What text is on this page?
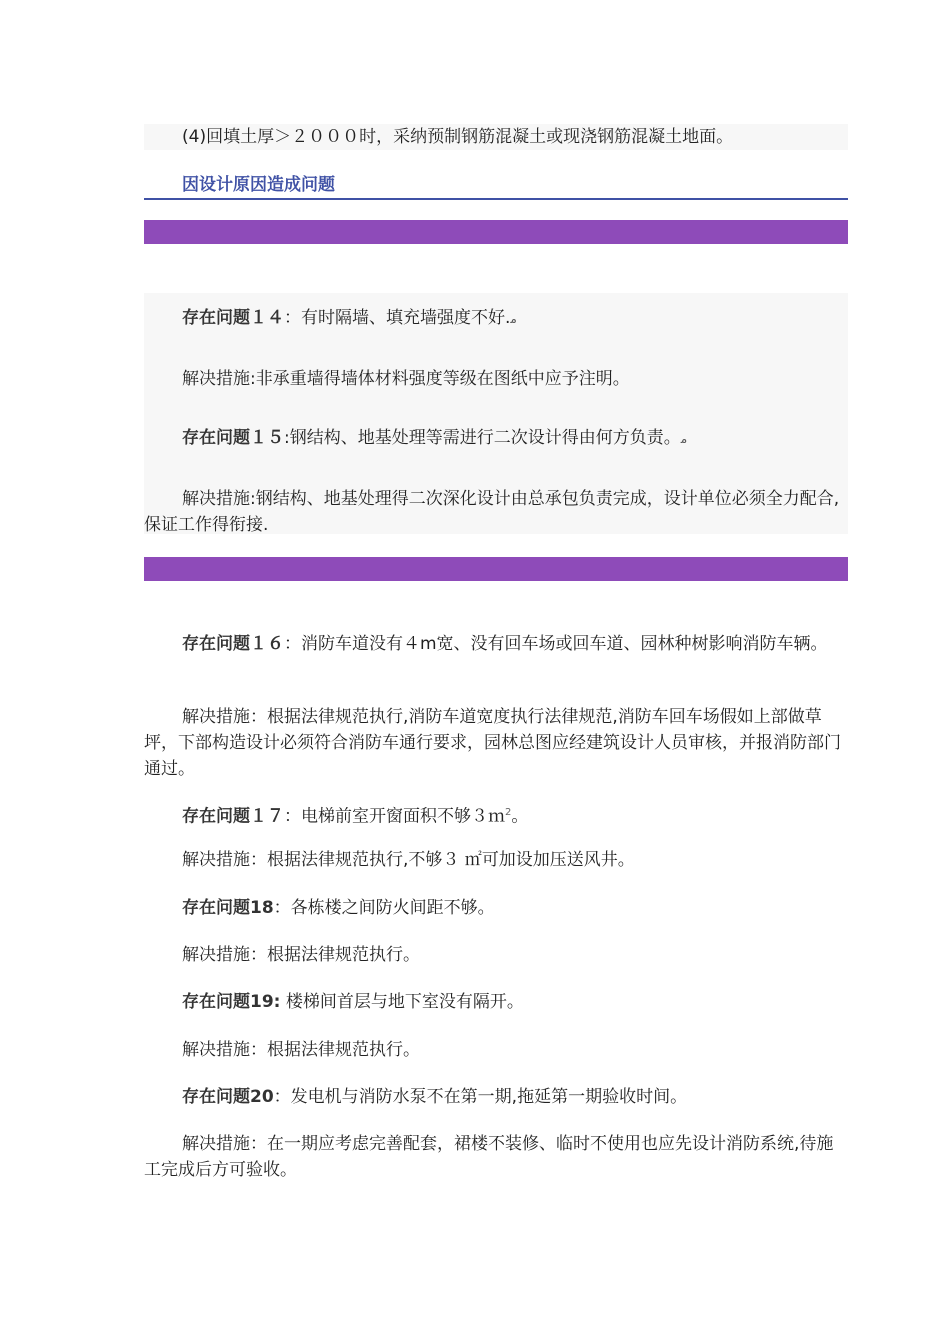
(4)回填土厚＞２０００时，采纳预制钢筋混凝土或现浇钢筋混凝土地面。
因设计原因造成问题
存在问题１４：有时隔墙、填充墙强度不好.ﻣ
解决措施:非承重墙得墙体材料强度等级在图纸中应予注明。
存在问题１５:钢结构、地基处理等需进行二次设计得由何方负责。ﻣ
解决措施:钢结构、地基处理得二次深化设计由总承包负责完成，设计单位必须全力配合,保证工作得衔接.
存在问题１６：消防车道没有４m宽、没有回车场或回车道、园林种树影响消防车辆。
解决措施：根据法律规范执行,消防车道宽度执行法律规范,消防车回车场假如上部做草坪，下部构造设计必须符合消防车通行要求，园林总图应经建筑设计人员审核，并报消防部门通过。
存在问题１７：电梯前室开窗面积不够３ｍ$^2$。
解决措施：根据法律规范执行,不够３ ㎡可加设加压送风井。
存在问题18：各栋楼之间防火间距不够。
解决措施：根据法律规范执行。
存在问题19: 楼梯间首层与地下室没有隔开。
解决措施：根据法律规范执行。
存在问题20：发电机与消防水泵不在第一期,拖延第一期验收时间。
解决措施：在一期应考虑完善配套，裙楼不装修、临时不使用也应先设计消防系统,待施工完成后方可验收。
